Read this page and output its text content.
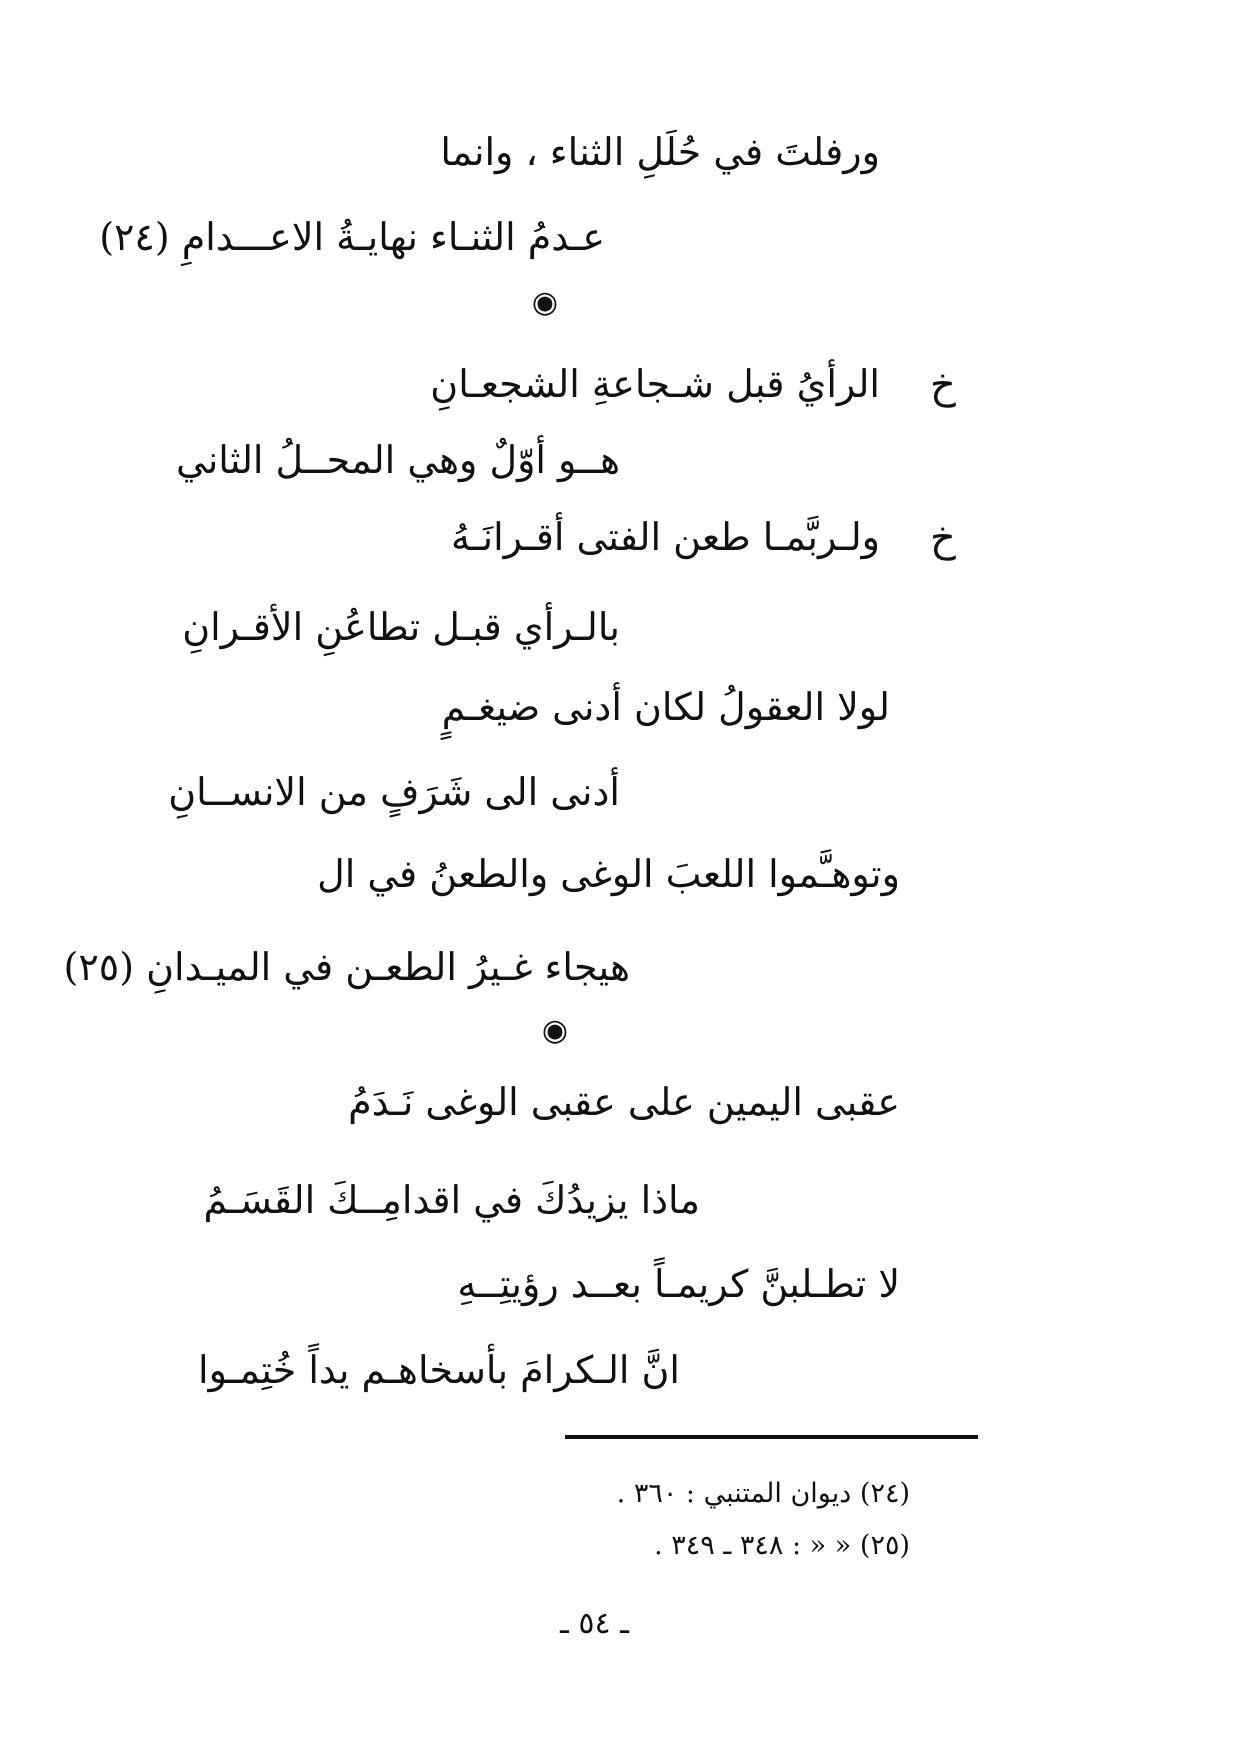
ورفلتَ في حُلَلِ الثناء ، وانما
عـدمُ الثنـاء نهايـةُ الاعـــدامِ (٢٤)
◉
خ
الرأيُ قبل شـجاعةِ الشجعـانِ
هــو أوّلٌ وهي المحــلُ الثاني
خ
ولـربَّمـا طعن الفتى أقـرانَـهُ
بالـرأي قبـل تطاعُنِ الأقـرانِ
لولا العقولُ لكان أدنى ضيغـمٍ
أدنى الى شَرَفٍ من الانســانِ
وتوهـَّموا اللعبَ الوغى والطعنُ في ال
هيجاء غـيرُ الطعـن في الميـدانِ (٢٥)
◉
عقبى اليمين على عقبى الوغى نَـدَمُ
ماذا يزيدُكَ في اقدامِــكَ القَسَـمُ
لا تطـلبنَّ كريمـاً بعــد رؤيتِــهِ
انَّ الـكرامَ بأسخاهـم يداً خُتِمـوا
(٢٤) ديوان المتنبي : ٣٦٠ .
(٢٥) « « : ٣٤٨ ـ ٣٤٩ .
ـ ٥٤ ـ
